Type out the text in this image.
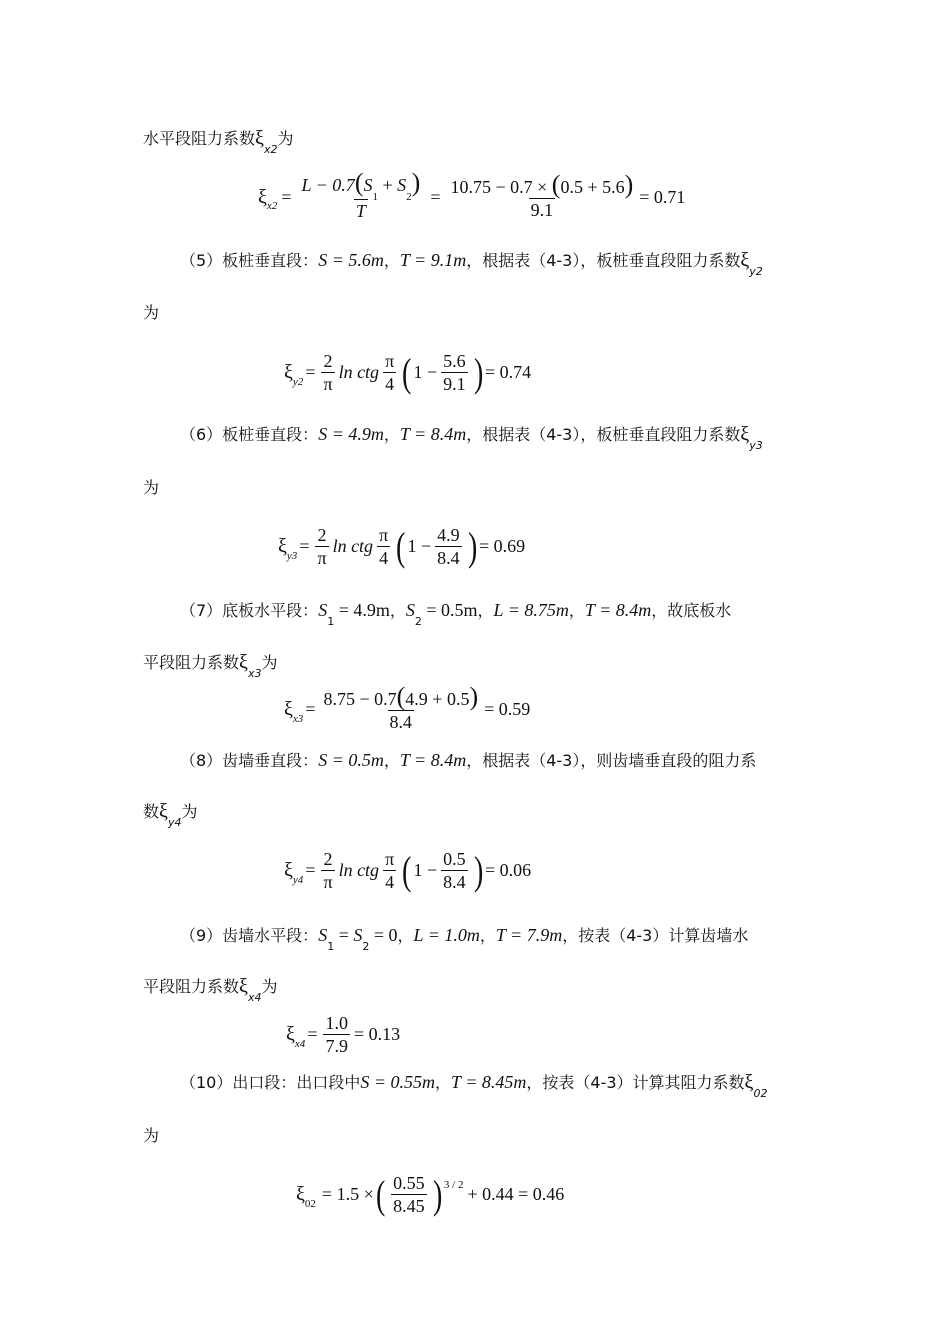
水平段阻力系数$\xi_{x2}$为
ξ $x2 = \frac{L - 0.7(S_1 + S_2)}{T} = \frac{10.75 - 0.7 \times (0.5 + 5.6)}{9.1} = 0.71$
（5）板桩垂直段：S = 5.6m，T = 9.1m，根据表（4-3），板桩垂直段阻力系数$\xi_{y2}$
为
ξ $y2 = \frac{2}{\pi}$ ln ctg $\frac{\pi}{4}$ ( $1 - \frac{5.6}{9.1}$ ) = 0.74
（6）板桩垂直段：S = 4.9m，T = 8.4m，根据表（4-3），板桩垂直段阻力系数$\xi_{y3}$
为
ξ $y3 = \frac{2}{\pi}$ ln ctg $\frac{\pi}{4}$ ( $1 - \frac{4.9}{8.4}$ ) = 0.69
（7）底板水平段：$S_1 = 4.9m$，$S_2 = 0.5m$，L = 8.75m，T = 8.4m，故底板水
平段阻力系数$\xi_{x3}$为
ξ $x3 = \frac{8.75 - 0.7(4.9 + 0.5)}{8.4} = 0.59$
（8）齿墙垂直段：S = 0.5m，T = 8.4m，根据表（4-3），则齿墙垂直段的阻力系
数$\xi_{y4}$为
ξ $y4 = \frac{2}{\pi}$ ln ctg $\frac{\pi}{4}$ ( $1 - \frac{0.5}{8.4}$ ) = 0.06
（9）齿墙水平段：$S_1 = S_2 = 0$，L = 1.0m，T = 7.9m，按表（4-3）计算齿墙水
平段阻力系数$\xi_{x4}$为
ξ $x4 = \frac{1.0}{7.9} = 0.13$
（10）出口段：出口段中S = 0.55m，T = 8.45m，按表（4-3）计算其阻力系数$\xi_{02}$
为
ξ 02 = 1.5 × ( $\frac{0.55}{8.45}$ ) 3 / 2 + 0.44 = 0.46
